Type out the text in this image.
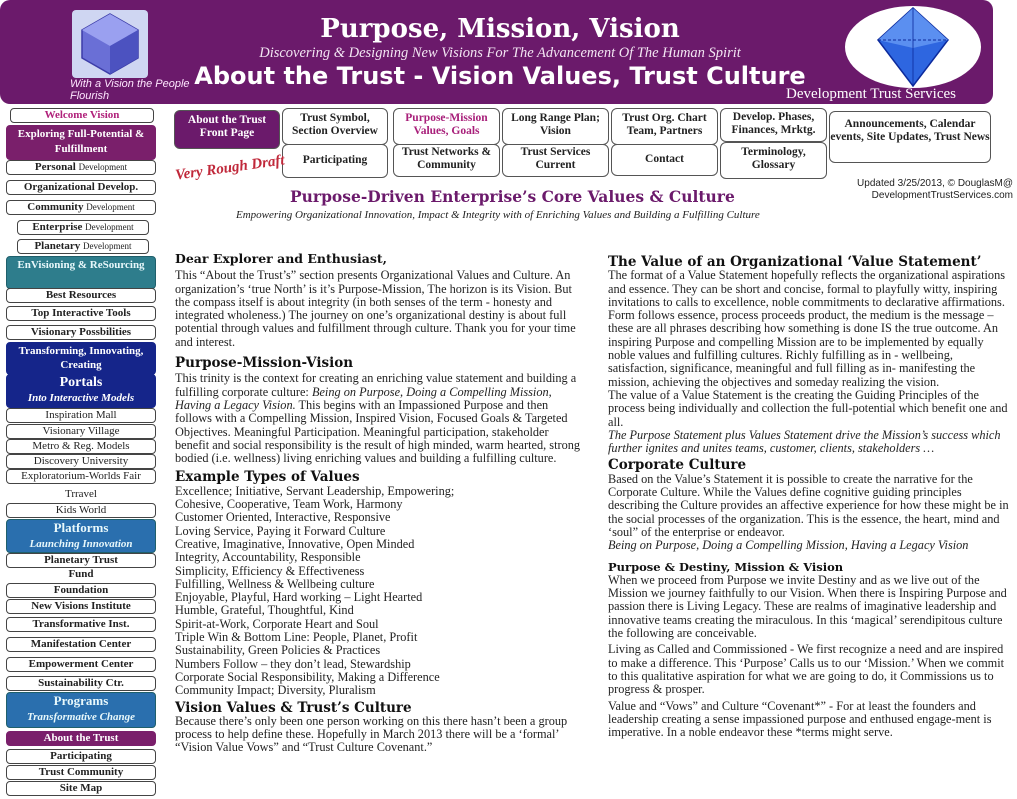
With a Vision the People Flourish
Purpose, Mission, Vision
Discovering & Designing New Visions For The Advancement Of The Human Spirit
About the Trust - Vision Values, Trust Culture
Development Trust Services
Welcome Vision
Exploring Full-Potential & Fulfillment
Personal Development
Organizational Develop.
Community Development
Enterprise Development
Planetary Development
EnVisioning & ReSourcing
Best Resources
Top Interactive Tools
Visionary Possbilities
Transforming, Innovating, Creating
Portals
Into Interactive Models
Inspiration Mall
Visionary Village
Metro & Reg. Models
Discovery University
Exploratorium-Worlds Fair
Trravel
Kids World
Platforms
Launching Innovation
Planetary Trust
Fund
Foundation
New Visions Institute
Transformative Inst.
Manifestation Center
Empowerment Center
Sustainability Ctr.
Programs
Transformative Change
About the Trust
Participating
Trust Community
Site Map
About the Trust Front Page
Trust Symbol, Section Overview
Purpose-Mission Values, Goals
Long Range Plan; Vision
Trust Org. Chart Team, Partners
Develop. Phases, Finances, Mrktg.	Announcements, Calendar events, Site Updates, Trust News
Participating
Trust Networks & Community
Trust Services Current	Contact
Terminology, Glossary
Very Rough Draft	Updated 3/25/2013, © DouglasM@ DevelopmentTrustServices.com
Purpose-Driven Enterprise’s Core Values & Culture
Empowering Organizational Innovation, Impact & Integrity with of Enriching Values and Building a Fulfilling Culture
Dear Explorer and Enthusiast,

This “About the Trust’s” section presents Organizational Values and Culture. An organization’s ‘true North’ is it’s Purpose-Mission, The horizon is its Vision. But the compass itself is about integrity (in both senses of the term - honesty and integrated wholeness.) The journey on one’s organizational destiny is about full potential through values and fulfillment through culture. Thank you for your time and interest.

Purpose-Mission-Vision

This trinity is the context for creating an enriching value statement and building a fulfilling corporate culture: Being on Purpose, Doing a Compelling Mission, Having a Legacy Vision. This begins with an Impassioned Purpose and then follows with a Compelling Mission, Inspired Vision, Focused Goals & Targeted Objectives. Meaningful Participation. Meaningful participation, stakeholder benefit and social responsibility is the result of high minded, warm hearted, strong bodied (i.e. wellness) living enriching values and building a fulfilling culture.

Example Types of Values
Excellence; Initiative, Servant Leadership, Empowering;
Cohesive, Cooperative, Team Work, Harmony
Customer Oriented, Interactive, Responsive
Loving Service, Paying it Forward Culture
Creative, Imaginative, Innovative, Open Minded
Integrity, Accountability, Responsible
Simplicity, Efficiency & Effectiveness
Fulfilling, Wellness & Wellbeing culture
Enjoyable, Playful, Hard working – Light Hearted
Humble, Grateful, Thoughtful, Kind
Spirit-at-Work, Corporate Heart and Soul
Triple Win & Bottom Line: People, Planet, Profit
Sustainability, Green Policies & Practices
Numbers Follow – they don’t lead, Stewardship
Corporate Social Responsibility, Making a Difference
Community Impact; Diversity, Pluralism
Vision Values & Trust’s Culture

Because there’s only been one person working on this there hasn’t been a group process to help define these. Hopefully in March 2013 there will be a ‘formal’ “Vision Value Vows” and “Trust Culture Covenant.”

The Value of an Organizational ‘Value Statement’

The format of a Value Statement hopefully reflects the organizational aspirations and essence. They can be short and concise, formal to playfully witty, inspiring invitations to calls to excellence, noble commitments to declarative affirmations.

Form follows essence, process proceeds product, the medium is the message – these are all phrases describing how something is done IS the true outcome. An inspiring Purpose and compelling Mission are to be implemented by equally noble values and fulfilling cultures. Richly fulfilling as in - wellbeing, satisfaction, significance, meaningful and full filling as in- manifesting the mission, achieving the objectives and someday realizing the vision.

The value of a Value Statement is the creating the Guiding Principles of the process being individually and collection the full-potential which benefit one and all.

The Purpose Statement plus Values Statement drive the Mission’s success which further ignites and unites teams, customer, clients, stakeholders …

Corporate Culture

Based on the Value’s Statement it is possible to create the narrative for the Corporate Culture. While the Values define cognitive guiding principles describing the Culture provides an affective experience for how these might be in the social processes of the organization. This is the essence, the heart, mind and ‘soul” of the enterprise or endeavor.

Being on Purpose, Doing a Compelling Mission, Having a Legacy Vision

Purpose & Destiny, Mission & Vision

When we proceed from Purpose we invite Destiny and as we live out of the Mission we journey faithfully to our Vision. When there is Inspiring Purpose and passion there is Living Legacy. These are realms of imaginative leadership and innovative teams creating the miraculous. In this ‘magical’ serendipitous culture the following are conceivable.

Living as Called and Commissioned - We first recognize a need and are inspired to make a difference. This ‘Purpose’ Calls us to our ‘Mission.’ When we commit to this qualitative aspiration for what we are going to do, it Commissions us to progress & prosper.

Value and “Vows” and Culture “Covenant*” - For at least the founders and leadership creating a sense impassioned purpose and enthused engage-ment is imperative. In a noble endeavor these *terms might serve.
